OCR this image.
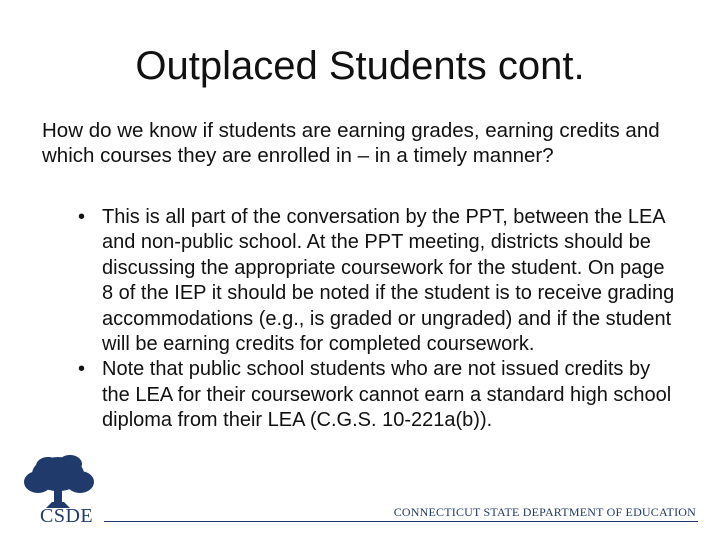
Outplaced Students cont.
How do we know if students are earning grades, earning credits and which courses they are enrolled in – in a timely manner?
• This is all part of the conversation by the PPT, between the LEA and non-public school. At the PPT meeting, districts should be discussing the appropriate coursework for the student. On page 8 of the IEP it should be noted if the student is to receive grading accommodations (e.g., is graded or ungraded) and if the student will be earning credits for completed coursework.
• Note that public school students who are not issued credits by the LEA for their coursework cannot earn a standard high school diploma from their LEA (C.G.S. 10-221a(b)).
CSDE	CONNECTICUT STATE DEPARTMENT OF EDUCATION
